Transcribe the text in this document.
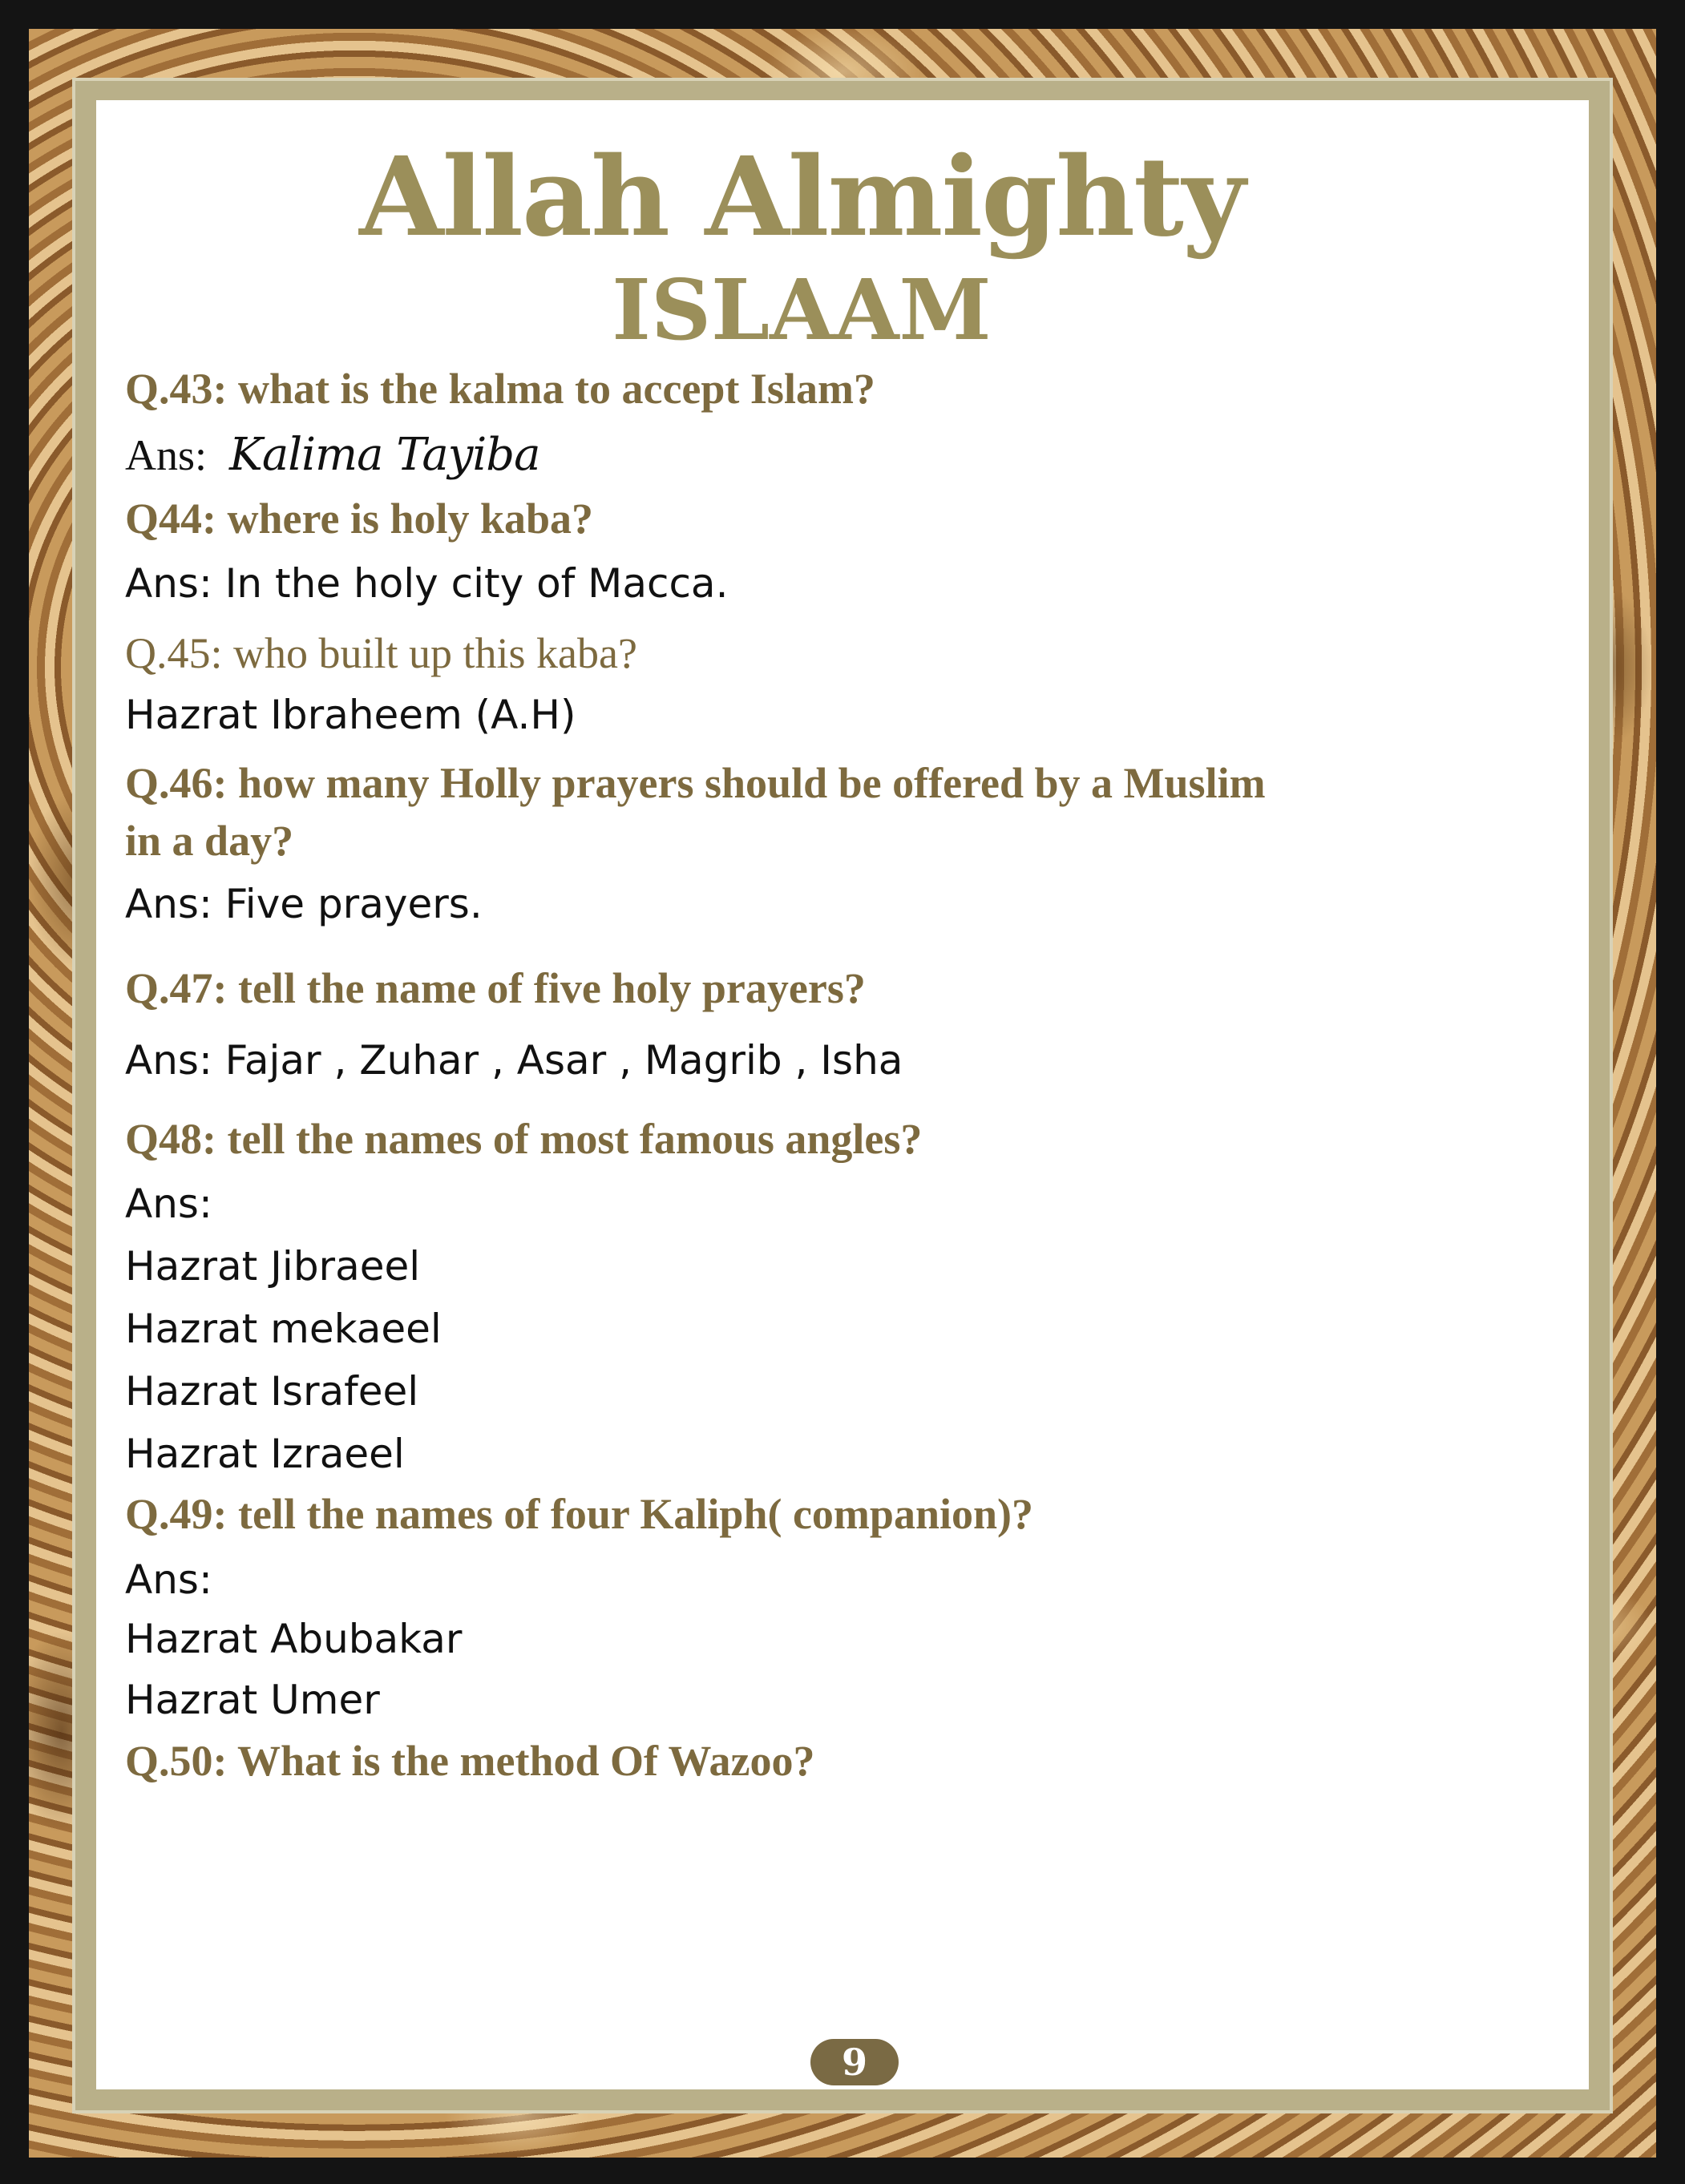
Allah Almighty
ISLAAM
Q.43: what is the kalma to accept Islam?
Ans: Kalima Tayiba
Q44: where is holy kaba?
Ans: In the holy city of Macca.
Q.45: who built up this kaba?
Hazrat Ibraheem (A.H)
Q.46: how many Holly prayers should be offered by a Muslim
in a day?
Ans: Five prayers.
Q.47: tell the name of five holy prayers?
Ans: Fajar , Zuhar , Asar , Magrib , Isha
Q48: tell the names of most famous angles?
Ans:
Hazrat Jibraeel
Hazrat mekaeel
Hazrat Israfeel
Hazrat Izraeel
Q.49: tell the names of four Kaliph( companion)?
Ans:
Hazrat Abubakar
Hazrat Umer
Q.50: What is the method Of Wazoo?
9
